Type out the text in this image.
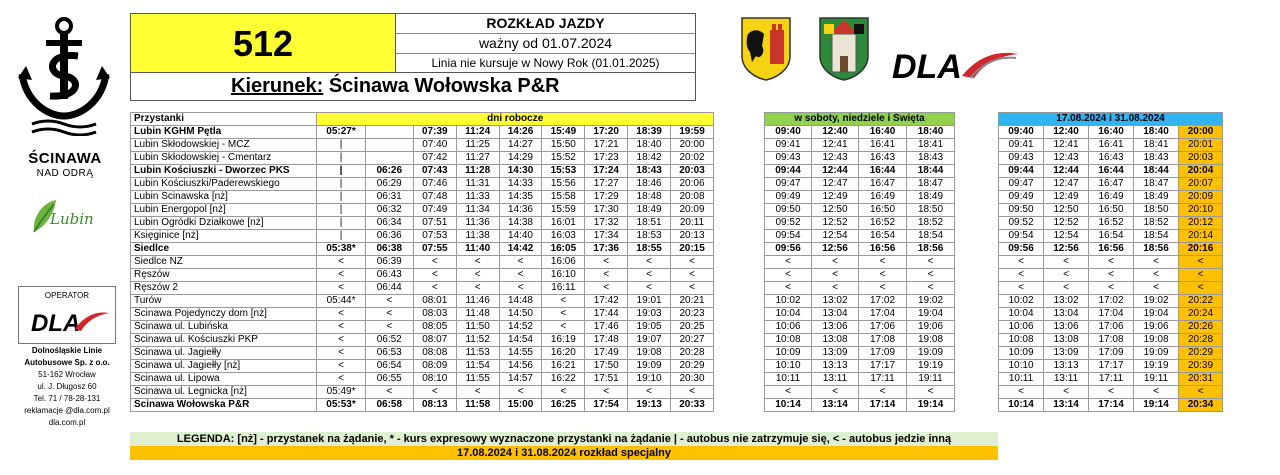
ŚCINAWA
NAD ODRĄ
Lubin
OPERATOR
DLA
Dolnośląskie Linie
Autobusowe Sp. z o.o.
51-162 Wrocław
ul. J. Długosz 60
Tel. 71 / 78-28-131
reklamacje @dla.com.pl
dla.com.pl
512	ROZKŁAD JAZDY
ważny od 01.07.2024
Linia nie kursuje w Nowy Rok (01.01.2025)
Kierunek: Ścinawa Wołowska P&R	DLA
Przystanki	dni robocze								
Lubin KGHM Pętla	05:27*		07:39	11:24	14:26	15:49	17:20	18:39	19:59
Lubin Skłodowskiej - MCZ	|		07:40	11:25	14:27	15:50	17:21	18:40	20:00
Lubin Skłodowskiej - Cmentarz	|		07:42	11:27	14:29	15:52	17:23	18:42	20:02
Lubin Kościuszki - Dworzec PKS	|	06:26	07:43	11:28	14:30	15:53	17:24	18:43	20:03
Lubin Kościuszki/Paderewskiego	|	06:29	07:46	11:31	14:33	15:56	17:27	18:46	20:06
Lubin Ścinawska [nż]	|	06:31	07:48	11:33	14:35	15:58	17:29	18:48	20:08
Lubin Energopol [nż]	|	06:32	07:49	11:34	14:36	15:59	17:30	18:49	20:09
Lubin Ogródki Działkowe [nż]	|	06:34	07:51	11:36	14:38	16:01	17:32	18:51	20:11
Księginice [nż]	|	06:36	07:53	11:38	14:40	16:03	17:34	18:53	20:13
Siedlce	05:38*	06:38	07:55	11:40	14:42	16:05	17:36	18:55	20:15
Siedlce NŻ	<	06:39	<	<	<	16:06	<	<	<
Ręszów	<	06:43	<	<	<	16:10	<	<	<
Ręszów 2	<	06:44	<	<	<	16:11	<	<	<
Turów	05:44*	<	08:01	11:46	14:48	<	17:42	19:01	20:21
Ścinawa Pojedynczy dom [nż]	<	<	08:03	11:48	14:50	<	17:44	19:03	20:23
Ścinawa ul. Lubińska	<	<	08:05	11:50	14:52	<	17:46	19:05	20:25
Ścinawa ul. Kościuszki PKP	<	06:52	08:07	11:52	14:54	16:19	17:48	19:07	20:27
Ścinawa ul. Jagiełły	<	06:53	08:08	11:53	14:55	16:20	17:49	19:08	20:28
Ścinawa ul. Jagiełły [nż]	<	06:54	08:09	11:54	14:56	16:21	17:50	19:09	20:29
Ścinawa ul. Lipowa	<	06:55	08:10	11:55	14:57	16:22	17:51	19:10	20:30
Ścinawa ul. Legnicka [nż]	05:49*	<	<	<	<	<	<	<	<
Ścinawa Wołowska P&R	05:53*	06:58	08:13	11:58	15:00	16:25	17:54	19:13	20:33
w soboty, niedziele i Święta			
09:40	12:40	16:40	18:40
09:41	12:41	16:41	18:41
09:43	12:43	16:43	18:43
09:44	12:44	16:44	18:44
09:47	12:47	16:47	18:47
09:49	12:49	16:49	18:49
09:50	12:50	16:50	18:50
09:52	12:52	16:52	18:52
09:54	12:54	16:54	18:54
09:56	12:56	16:56	18:56
<	<	<	<
<	<	<	<
<	<	<	<
10:02	13:02	17:02	19:02
10:04	13:04	17:04	19:04
10:06	13:06	17:06	19:06
10:08	13:08	17:08	19:08
10:09	13:09	17:09	19:09
10:10	13:13	17:17	19:19
10:11	13:11	17:11	19:11
<	<	<	<
10:14	13:14	17:14	19:14
17.08.2024 i 31.08.2024				
09:40	12:40	16:40	18:40	20:00
09:41	12:41	16:41	18:41	20:01
09:43	12:43	16:43	18:43	20:03
09:44	12:44	16:44	18:44	20:04
09:47	12:47	16:47	18:47	20:07
09:49	12:49	16:49	18:49	20:09
09:50	12:50	16:50	18:50	20:10
09:52	12:52	16:52	18:52	20:12
09:54	12:54	16:54	18:54	20:14
09:56	12:56	16:56	18:56	20:16
<	<	<	<	<
<	<	<	<	<
<	<	<	<	<
10:02	13:02	17:02	19:02	20:22
10:04	13:04	17:04	19:04	20:24
10:06	13:06	17:06	19:06	20:26
10:08	13:08	17:08	19:08	20:28
10:09	13:09	17:09	19:09	20:29
10:10	13:13	17:17	19:19	20:39
10:11	13:11	17:11	19:11	20:31
<	<	<	<	<
10:14	13:14	17:14	19:14	20:34
LEGENDA: [nż] - przystanek na żądanie, * - kurs expresowy wyznaczone przystanki na żądanie | - autobus nie zatrzymuje się, < - autobus jedzie inną
17.08.2024 i 31.08.2024 rozkład specjalny
